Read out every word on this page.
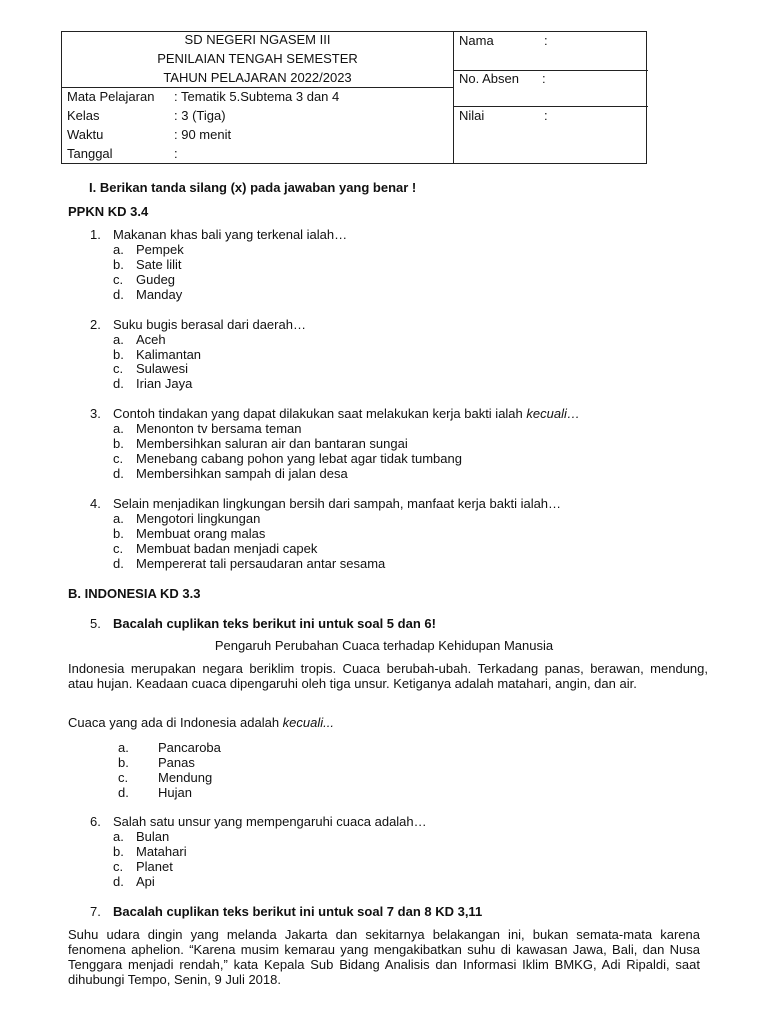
SD NEGERI NGASEM III
PENILAIAN TENGAH SEMESTER
TAHUN PELAJARAN 2022/2023
Mata Pelajaran : Tematik 5.Subtema 3 dan 4
Kelas	: 3 (Tiga)
Waktu	: 90 menit
Tanggal	:
Nama	:
No. Absen :
Nilai	:
I. Berikan tanda silang (x) pada jawaban yang benar !
PPKN KD 3.4
1. Makanan khas bali yang terkenal ialah…
a. Pempek
b. Sate lilit
c. Gudeg
d. Manday
2. Suku bugis berasal dari daerah…
a. Aceh
b. Kalimantan
c. Sulawesi
d. Irian Jaya
3. Contoh tindakan yang dapat dilakukan saat melakukan kerja bakti ialah kecuali…
a. Menonton tv bersama teman
b. Membersihkan saluran air dan bantaran sungai
c. Menebang cabang pohon yang lebat agar tidak tumbang
d. Membersihkan sampah di jalan desa
4. Selain menjadikan lingkungan bersih dari sampah, manfaat kerja bakti ialah…
a. Mengotori lingkungan
b. Membuat orang malas
c. Membuat badan menjadi capek
d. Mempererat tali persaudaran antar sesama
B. INDONESIA KD 3.3
5. Bacalah cuplikan teks berikut ini untuk soal 5 dan 6!
Pengaruh Perubahan Cuaca terhadap Kehidupan Manusia
Indonesia merupakan negara beriklim tropis. Cuaca berubah-ubah. Terkadang panas, berawan, mendung, atau hujan. Keadaan cuaca dipengaruhi oleh tiga unsur. Ketiganya adalah matahari, angin, dan air.
Cuaca yang ada di Indonesia adalah kecuali...
a. Pancaroba
b. Panas
c. Mendung
d. Hujan
6. Salah satu unsur yang mempengaruhi cuaca adalah…
a. Bulan
b. Matahari
c. Planet
d. Api
7. Bacalah cuplikan teks berikut ini untuk soal 7 dan 8 KD 3,11
Suhu udara dingin yang melanda Jakarta dan sekitarnya belakangan ini, bukan semata-mata karena fenomena aphelion. “Karena musim kemarau yang mengakibatkan suhu di kawasan Jawa, Bali, dan Nusa Tenggara menjadi rendah,” kata Kepala Sub Bidang Analisis dan Informasi Iklim BMKG, Adi Ripaldi, saat dihubungi Tempo, Senin, 9 Juli 2018.
